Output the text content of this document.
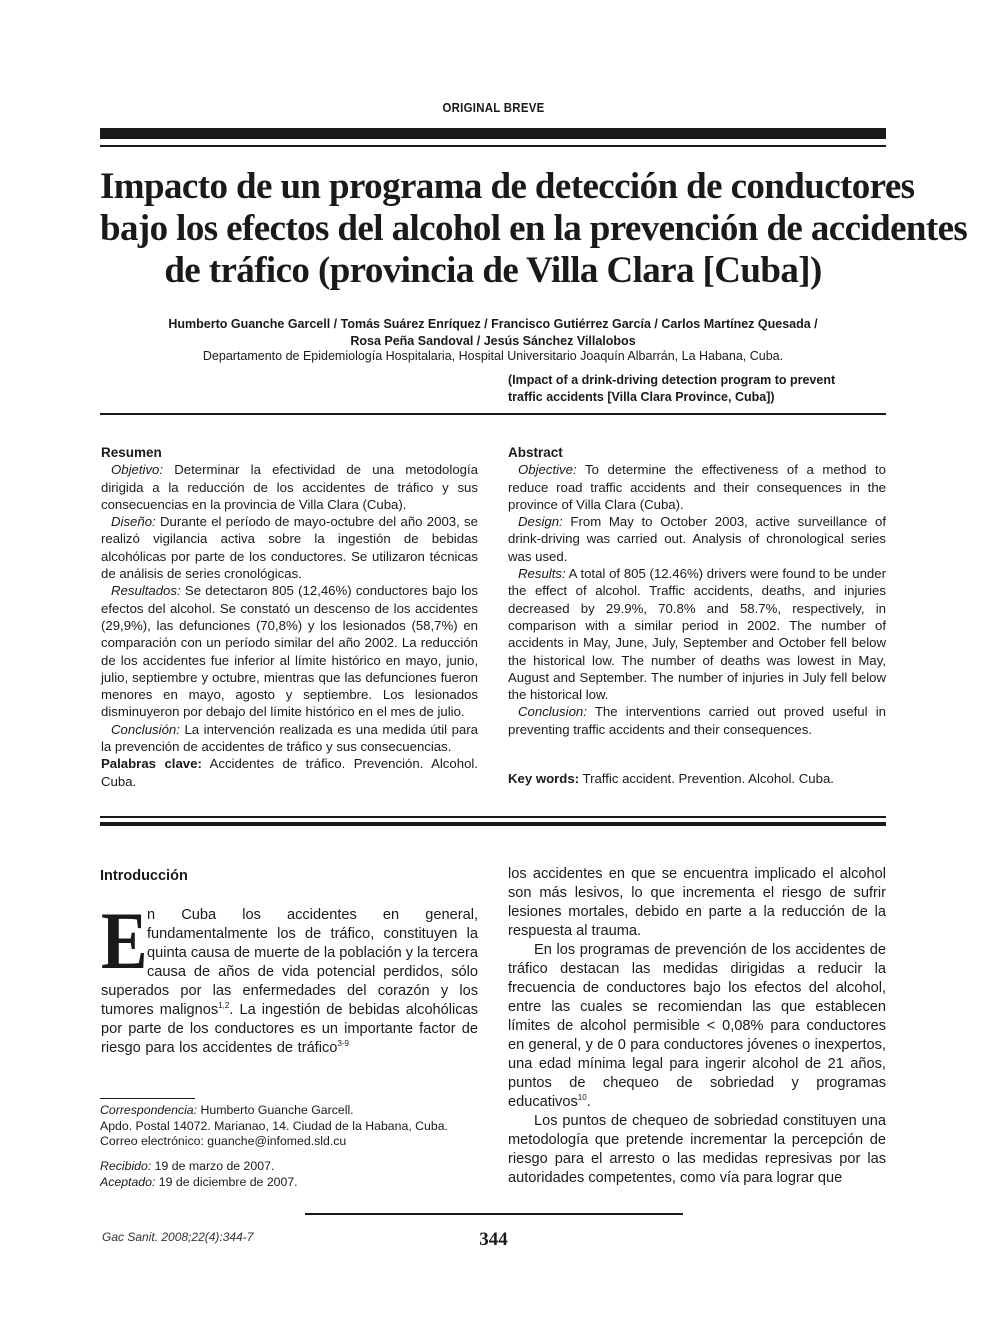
ORIGINAL BREVE
Impacto de un programa de detección de conductores
bajo los efectos del alcohol en la prevención de accidentes
de tráfico (provincia de Villa Clara [Cuba])
Humberto Guanche Garcell / Tomás Suárez Enríquez / Francisco Gutiérrez García / Carlos Martínez Quesada /
Rosa Peña Sandoval / Jesús Sánchez Villalobos
Departamento de Epidemiología Hospitalaria, Hospital Universitario Joaquín Albarrán, La Habana, Cuba.
(Impact of a drink-driving detection program to prevent
traffic accidents [Villa Clara Province, Cuba])
Resumen

Objetivo: Determinar la efectividad de una metodología dirigida a la reducción de los accidentes de tráfico y sus consecuencias en la provincia de Villa Clara (Cuba).

Diseño: Durante el período de mayo-octubre del año 2003, se realizó vigilancia activa sobre la ingestión de bebidas alcohólicas por parte de los conductores. Se utilizaron técnicas de análisis de series cronológicas.

Resultados: Se detectaron 805 (12,46%) conductores bajo los efectos del alcohol. Se constató un descenso de los accidentes (29,9%), las defunciones (70,8%) y los lesionados (58,7%) en comparación con un período similar del año 2002. La reducción de los accidentes fue inferior al límite histórico en mayo, junio, julio, septiembre y octubre, mientras que las defunciones fueron menores en mayo, agosto y septiembre. Los lesionados disminuyeron por debajo del límite histórico en el mes de julio.

Conclusión: La intervención realizada es una medida útil para la prevención de accidentes de tráfico y sus consecuencias.

Palabras clave: Accidentes de tráfico. Prevención. Alcohol. Cuba.

Abstract

Objective: To determine the effectiveness of a method to reduce road traffic accidents and their consequences in the province of Villa Clara (Cuba).

Design: From May to October 2003, active surveillance of drink-driving was carried out. Analysis of chronological series was used.

Results: A total of 805 (12.46%) drivers were found to be under the effect of alcohol. Traffic accidents, deaths, and injuries decreased by 29.9%, 70.8% and 58.7%, respectively, in comparison with a similar period in 2002. The number of accidents in May, June, July, September and October fell below the historical low. The number of deaths was lowest in May, August and September. The number of injuries in July fell below the historical low.

Conclusion: The interventions carried out proved useful in preventing traffic accidents and their consequences.

Key words: Traffic accident. Prevention. Alcohol. Cuba.

Introducción

En Cuba los accidentes en general, fundamentalmente los de tráfico, constituyen la quinta causa de muerte de la población y la tercera causa de años de vida potencial perdidos, sólo superados por las enfermedades del corazón y los tumores malignos$^{1,2}$. La ingestión de bebidas alcohólicas por parte de los conductores es un importante factor de riesgo para los accidentes de tráfico$^{3-9}$

los accidentes en que se encuentra implicado el alcohol son más lesivos, lo que incrementa el riesgo de sufrir lesiones mortales, debido en parte a la reducción de la respuesta al trauma.

En los programas de prevención de los accidentes de tráfico destacan las medidas dirigidas a reducir la frecuencia de conductores bajo los efectos del alcohol, entre las cuales se recomiendan las que establecen límites de alcohol permisible < 0,08% para conductores en general, y de 0 para conductores jóvenes o inexpertos, una edad mínima legal para ingerir alcohol de 21 años, puntos de chequeo de sobriedad y programas educativos$^{10}$.

Los puntos de chequeo de sobriedad constituyen una metodología que pretende incrementar la percepción de riesgo para el arresto o las medidas represivas por las autoridades competentes, como vía para lograr que

Correspondencia: Humberto Guanche Garcell.
Apdo. Postal 14072. Marianao, 14. Ciudad de la Habana, Cuba.
Correo electrónico: guanche@infomed.sld.cu
Recibido: 19 de marzo de 2007.
Aceptado: 19 de diciembre de 2007.
Gac Sanit. 2008;22(4):344-7	344
